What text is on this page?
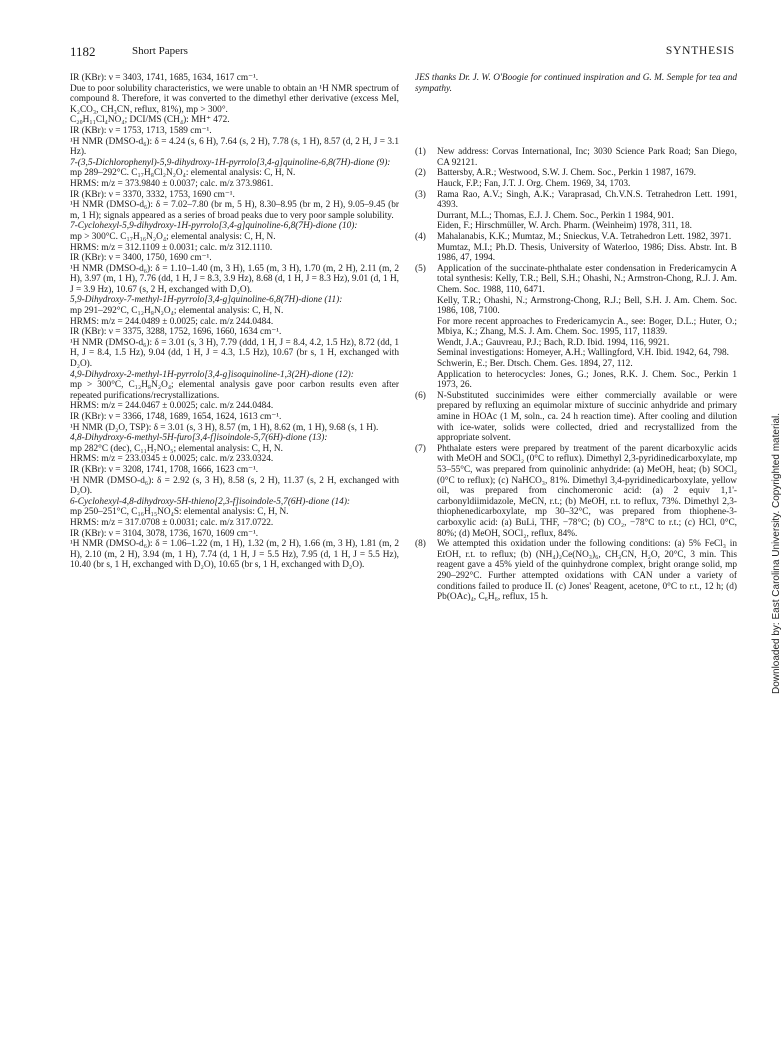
1182	Short Papers	SYNTHESIS

IR (KBr): ν = 3403, 1741, 1685, 1634, 1617 cm⁻¹.

Due to poor solubility characteristics, we were unable to obtain an ¹H NMR spectrum of compound 8. Therefore, it was converted to the dimethyl ether derivative (excess MeI, K₂CO₃, CH₃CN, reflux, 81%), mp > 300°.

C₂₀H₁₁Cl₄NO₄; DCI/MS (CH₄): MH⁺ 472.

IR (KBr): ν = 1753, 1713, 1589 cm⁻¹.

¹H NMR (DMSO-d₆): δ = 4.24 (s, 6 H), 7.64 (s, 2 H), 7.78 (s, 1 H), 8.57 (d, 2 H, J = 3.1 Hz).

7-(3,5-Dichlorophenyl)-5,9-dihydroxy-1H-pyrrolo[3,4-g]quinoline-6,8(7H)-dione (9):

mp 289–292°C. C₁₇H₈Cl₂N₂O₄: elemental analysis: C, H, N.

HRMS: m/z = 373.9840 ± 0.0037; calc. m/z 373.9861.

IR (KBr): ν = 3370, 3332, 1753, 1690 cm⁻¹.

¹H NMR (DMSO-d₆): δ = 7.02–7.80 (br m, 5 H), 8.30–8.95 (br m, 2 H), 9.05–9.45 (br m, 1 H); signals appeared as a series of broad peaks due to very poor sample solubility.

7-Cyclohexyl-5,9-dihydroxy-1H-pyrrolo[3,4-g]quinoline-6,8(7H)-dione (10):

mp > 300°C. C₁₇H₁₆N₂O₄; elemental analysis: C, H, N.

HRMS: m/z = 312.1109 ± 0.0031; calc. m/z 312.1110.

IR (KBr): ν = 3400, 1750, 1690 cm⁻¹.

¹H NMR (DMSO-d₆): δ = 1.10–1.40 (m, 3 H), 1.65 (m, 3 H), 1.70 (m, 2 H), 2.11 (m, 2 H), 3.97 (m, 1 H), 7.76 (dd, 1 H, J = 8.3, 3.9 Hz), 8.68 (d, 1 H, J = 8.3 Hz), 9.01 (d, 1 H, J = 3.9 Hz), 10.67 (s, 2 H, exchanged with D₂O).

5,9-Dihydroxy-7-methyl-1H-pyrrolo[3,4-g]quinoline-6,8(7H)-dione (11):

mp 291–292°C, C₁₂H₈N₂O₄; elemental analysis: C, H, N.

HRMS: m/z = 244.0489 ± 0.0025; calc. m/z 244.0484.

IR (KBr): ν = 3375, 3288, 1752, 1696, 1660, 1634 cm⁻¹.

¹H NMR (DMSO-d₆): δ = 3.01 (s, 3 H), 7.79 (ddd, 1 H, J = 8.4, 4.2, 1.5 Hz), 8.72 (dd, 1 H, J = 8.4, 1.5 Hz), 9.04 (dd, 1 H, J = 4.3, 1.5 Hz), 10.67 (br s, 1 H, exchanged with D₂O).

4,9-Dihydroxy-2-methyl-1H-pyrrolo[3,4-g]isoquinoline-1,3(2H)-dione (12):

mp > 300°C, C₁₂H₈N₂O₄; elemental analysis gave poor carbon results even after repeated purifications/recrystallizations.

HRMS: m/z = 244.0467 ± 0.0025; calc. m/z 244.0484.

IR (KBr): ν = 3366, 1748, 1689, 1654, 1624, 1613 cm⁻¹.

¹H NMR (D₂O, TSP): δ = 3.01 (s, 3 H), 8.57 (m, 1 H), 8.62 (m, 1 H), 9.68 (s, 1 H).

4,8-Dihydroxy-6-methyl-5H-furo[3,4-f]isoindole-5,7(6H)-dione (13):

mp 282°C (dec), C₁₁H₇NO₅; elemental analysis: C, H, N.

HRMS: m/z = 233.0345 ± 0.0025; calc. m/z 233.0324.

IR (KBr): ν = 3208, 1741, 1708, 1666, 1623 cm⁻¹.

¹H NMR (DMSO-d₆): δ = 2.92 (s, 3 H), 8.58 (s, 2 H), 11.37 (s, 2 H, exchanged with D₂O).

6-Cyclohexyl-4,8-dihydroxy-5H-thieno[2,3-f]isoindole-5,7(6H)-dione (14):

mp 250–251°C, C₁₆H₁₅NO₄S: elemental analysis: C, H, N.

HRMS: m/z = 317.0708 ± 0.0031; calc. m/z 317.0722.

IR (KBr): ν = 3104, 3078, 1736, 1670, 1609 cm⁻¹.

¹H NMR (DMSO-d₆): δ = 1.06–1.22 (m, 1 H), 1.32 (m, 2 H), 1.66 (m, 3 H), 1.81 (m, 2 H), 2.10 (m, 2 H), 3.94 (m, 1 H), 7.74 (d, 1 H, J = 5.5 Hz), 7.95 (d, 1 H, J = 5.5 Hz), 10.40 (br s, 1 H, exchanged with D₂O), 10.65 (br s, 1 H, exchanged with D₂O).

JES thanks Dr. J. W. O'Boogie for continued inspiration and G. M. Semple for tea and sympathy.

(1)	New address: Corvas International, Inc; 3030 Science Park Road; San Diego, CA 92121.
(2)	Battersby, A.R.; Westwood, S.W. J. Chem. Soc., Perkin 1 1987, 1679.
Hauck, F.P.; Fan, J.T. J. Org. Chem. 1969, 34, 1703.
(3)	Rama Rao, A.V.; Singh, A.K.; Varaprasad, Ch.V.N.S. Tetrahedron Lett. 1991, 4393.
Durrant, M.L.; Thomas, E.J. J. Chem. Soc., Perkin 1 1984, 901.
Eiden, F.; Hirschmüller, W. Arch. Pharm. (Weinheim) 1978, 311, 18.
(4)	Mahalanabis, K.K.; Mumtaz, M.; Snieckus, V.A. Tetrahedron Lett. 1982, 3971.
Mumtaz, M.I.; Ph.D. Thesis, University of Waterloo, 1986; Diss. Abstr. Int. B 1986, 47, 1994.
(5)	Application of the succinate-phthalate ester condensation in Fredericamycin A total synthesis: Kelly, T.R.; Bell, S.H.; Ohashi, N.; Armstron-Chong, R.J. J. Am. Chem. Soc. 1988, 110, 6471.
Kelly, T.R.; Ohashi, N.; Armstrong-Chong, R.J.; Bell, S.H. J. Am. Chem. Soc. 1986, 108, 7100.
For more recent approaches to Fredericamycin A., see: Boger, D.L.; Huter, O.; Mbiya, K.; Zhang, M.S. J. Am. Chem. Soc. 1995, 117, 11839.
Wendt, J.A.; Gauvreau, P.J.; Bach, R.D. Ibid. 1994, 116, 9921.
Seminal investigations: Homeyer, A.H.; Wallingford, V.H. Ibid. 1942, 64, 798.
Schwerin, E.; Ber. Dtsch. Chem. Ges. 1894, 27, 112.
Application to heterocycles: Jones, G.; Jones, R.K. J. Chem. Soc., Perkin 1 1973, 26.
(6)	N-Substituted succinimides were either commercially available or were prepared by refluxing an equimolar mixture of succinic anhydride and primary amine in HOAc (1 M, soln., ca. 24 h reaction time). After cooling and dilution with ice-water, solids were collected, dried and recrystallized from the appropriate solvent.
(7)	Phthalate esters were prepared by treatment of the parent dicarboxylic acids with MeOH and SOCl₂ (0°C to reflux). Dimethyl 2,3-pyridinedicarboxylate, mp 53–55°C, was prepared from quinolinic anhydride: (a) MeOH, heat; (b) SOCl₂ (0°C to reflux); (c) NaHCO₃, 81%. Dimethyl 3,4-pyridinedicarboxylate, yellow oil, was prepared from cinchomeronic acid: (a) 2 equiv 1,1'-carbonyldiimidazole, MeCN, r.t.; (b) MeOH, r.t. to reflux, 73%. Dimethyl 2,3-thiophenedicarboxylate, mp 30–32°C, was prepared from thiophene-3-carboxylic acid: (a) BuLi, THF, −78°C; (b) CO₂, −78°C to r.t.; (c) HCl, 0°C, 80%; (d) MeOH, SOCl₂, reflux, 84%.
(8)	We attempted this oxidation under the following conditions: (a) 5% FeCl₃ in EtOH, r.t. to reflux; (b) (NH₄)₂Ce(NO₃)₆, CH₃CN, H₂O, 20°C, 3 min. This reagent gave a 45% yield of the quinhydrone complex, bright orange solid, mp 290–292°C. Further attempted oxidations with CAN under a variety of conditions failed to produce II. (c) Jones' Reagent, acetone, 0°C to r.t., 12 h; (d) Pb(OAc)₄, C₆H₆, reflux, 15 h.	Downloaded by: East Carolina University. Copyrighted material.
